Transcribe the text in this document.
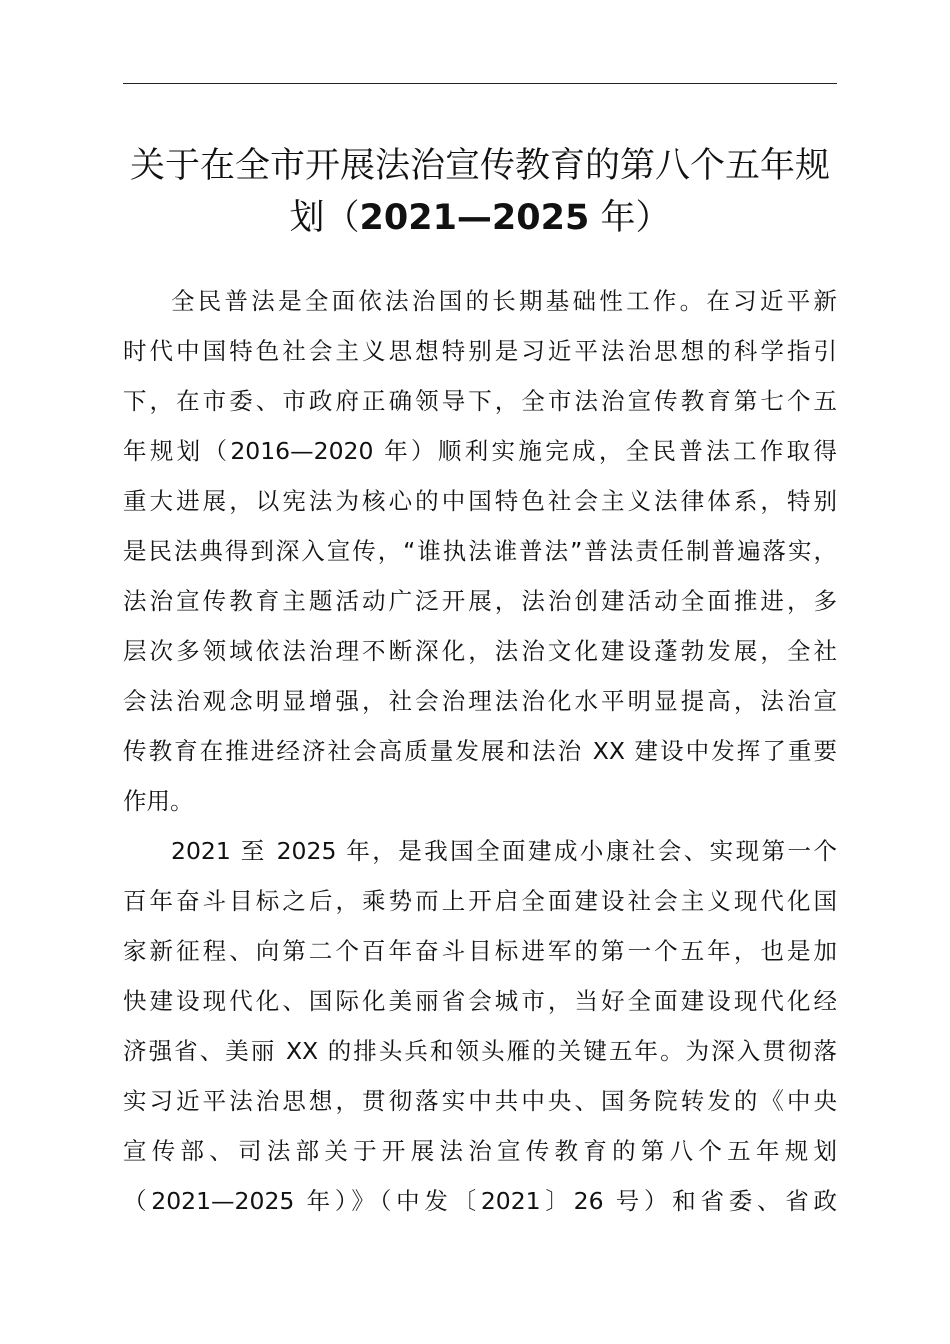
关于在全市开展法治宣传教育的第八个五年规
划（2021—2025 年）
全民普法是全面依法治国的长期基础性工作。在习近平新
时代中国特色社会主义思想特别是习近平法治思想的科学指引
下，在市委、市政府正确领导下，全市法治宣传教育第七个五
年规划（2016—2020 年）顺利实施完成，全民普法工作取得
重大进展，以宪法为核心的中国特色社会主义法律体系，特别
是民法典得到深入宣传，“谁执法谁普法”普法责任制普遍落实，
法治宣传教育主题活动广泛开展，法治创建活动全面推进，多
层次多领域依法治理不断深化，法治文化建设蓬勃发展，全社
会法治观念明显增强，社会治理法治化水平明显提高，法治宣
传教育在推进经济社会高质量发展和法治 XX 建设中发挥了重要
作用。
2021 至 2025 年，是我国全面建成小康社会、实现第一个
百年奋斗目标之后，乘势而上开启全面建设社会主义现代化国
家新征程、向第二个百年奋斗目标进军的第一个五年，也是加
快建设现代化、国际化美丽省会城市，当好全面建设现代化经
济强省、美丽 XX 的排头兵和领头雁的关键五年。为深入贯彻落
实习近平法治思想，贯彻落实中共中央、国务院转发的《中央
宣传部、司法部关于开展法治宣传教育的第八个五年规划
（2021—2025 年）》（中发〔2021〕26 号）和省委、省政
